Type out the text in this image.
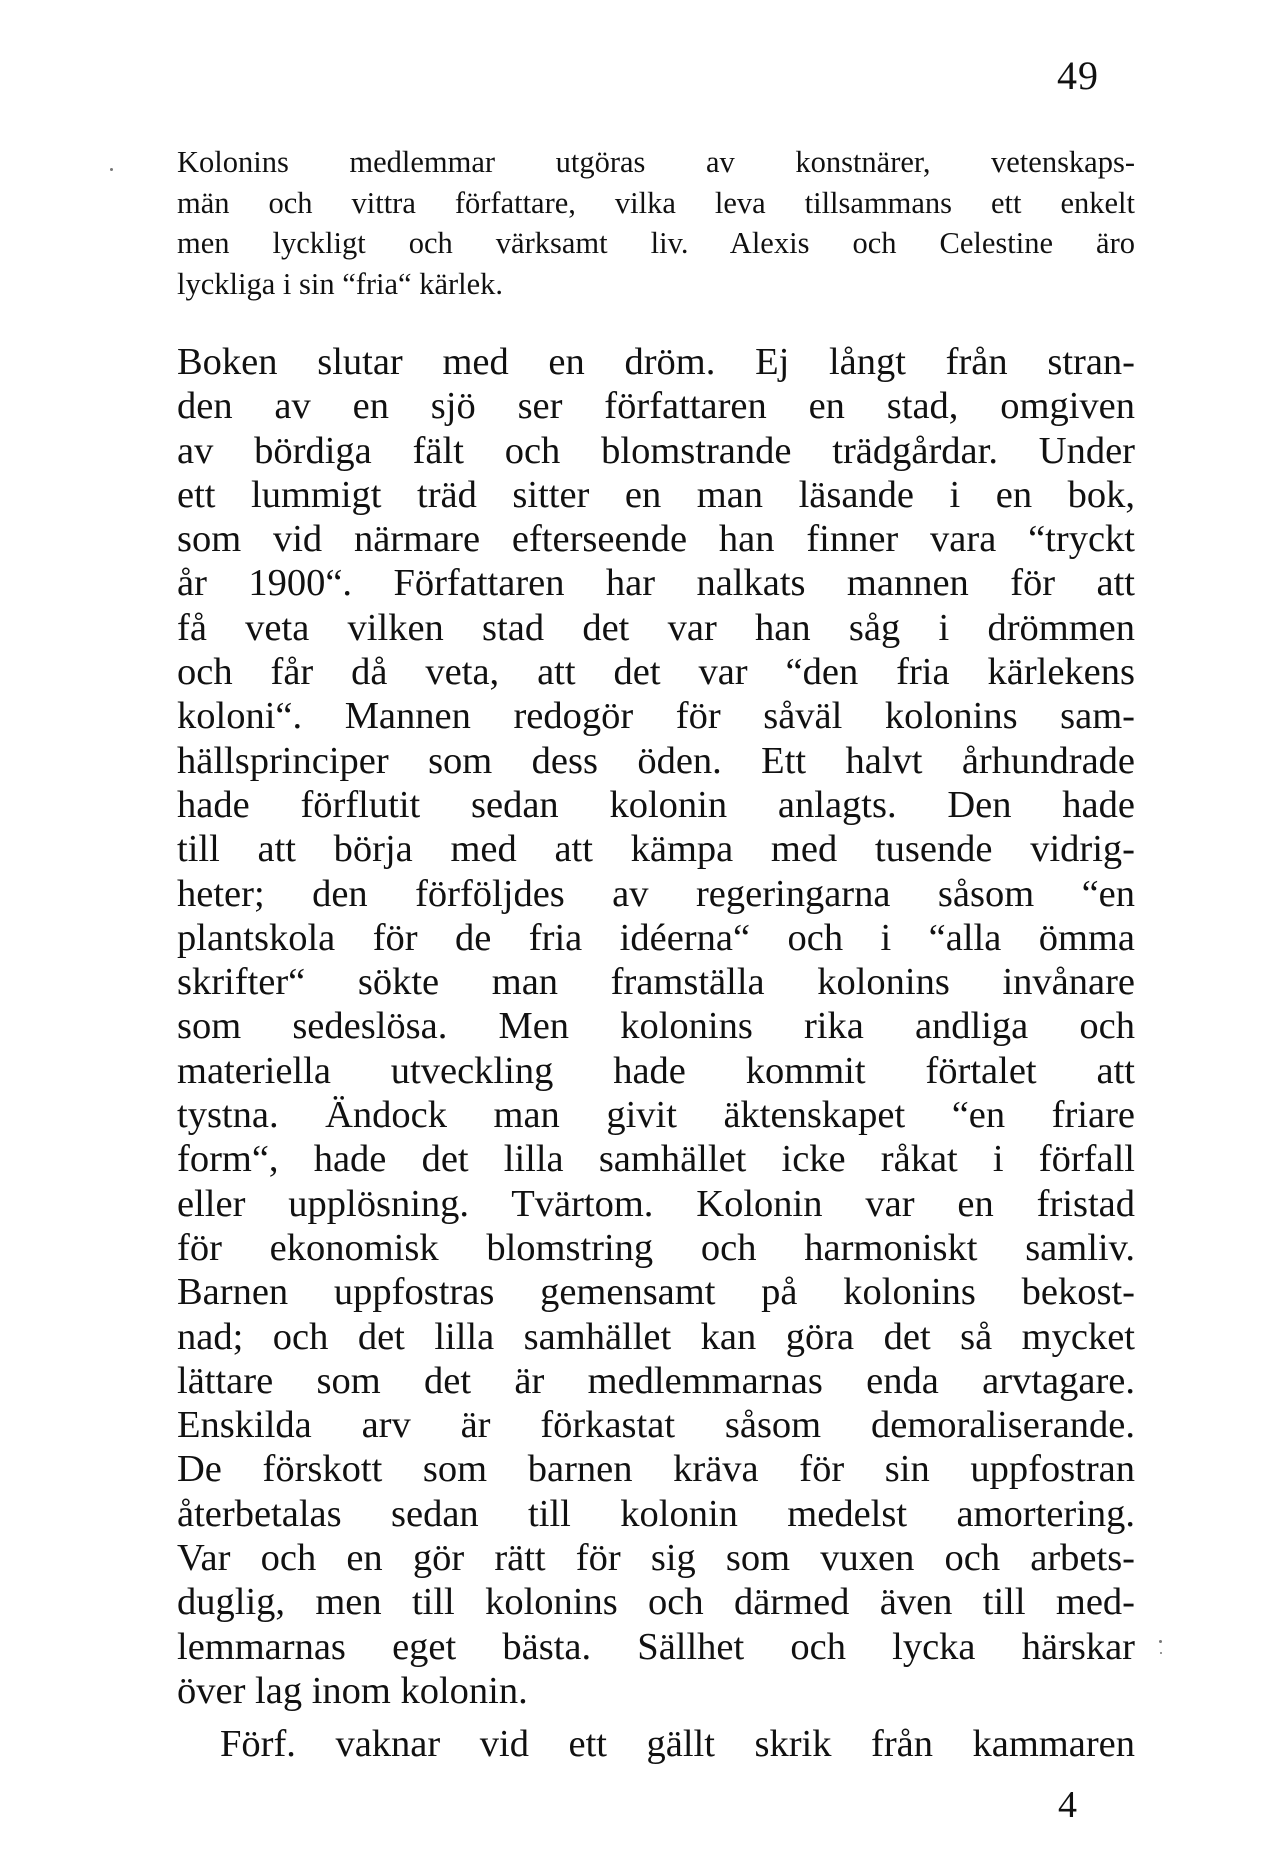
49

Kolonins medlemmar utgöras av konstnärer, vetenskaps-
män och vittra författare, vilka leva tillsammans ett enkelt
men lyckligt och värksamt liv. Alexis och Celestine äro
lyckliga i sin “fria“ kärlek.

Boken slutar med en dröm. Ej långt från stran-
den av en sjö ser författaren en stad, omgiven
av bördiga fält och blomstrande trädgårdar. Under
ett lummigt träd sitter en man läsande i en bok,
som vid närmare efterseende han finner vara “tryckt
år 1900“. Författaren har nalkats mannen för att
få veta vilken stad det var han såg i drömmen
och får då veta, att det var “den fria kärlekens
koloni“. Mannen redogör för såväl kolonins sam-
hällsprinciper som dess öden. Ett halvt århundrade
hade förflutit sedan kolonin anlagts. Den hade
till att börja med att kämpa med tusende vidrig-
heter; den förföljdes av regeringarna såsom “en
plantskola för de fria idéerna“ och i “alla ömma
skrifter“ sökte man framställa kolonins invånare
som sedeslösa. Men kolonins rika andliga och
materiella utveckling hade kommit förtalet att
tystna. Ändock man givit äktenskapet “en friare
form“, hade det lilla samhället icke råkat i förfall
eller upplösning. Tvärtom. Kolonin var en fristad
för ekonomisk blomstring och harmoniskt samliv.
Barnen uppfostras gemensamt på kolonins bekost-
nad; och det lilla samhället kan göra det så mycket
lättare som det är medlemmarnas enda arvtagare.
Enskilda arv är förkastat såsom demoraliserande.
De förskott som barnen kräva för sin uppfostran
återbetalas sedan till kolonin medelst amortering.
Var och en gör rätt för sig som vuxen och arbets-
duglig, men till kolonins och därmed även till med-
lemmarnas eget bästa. Sällhet och lycka härskar
över lag inom kolonin.

Förf. vaknar vid ett gällt skrik från kammaren

4
